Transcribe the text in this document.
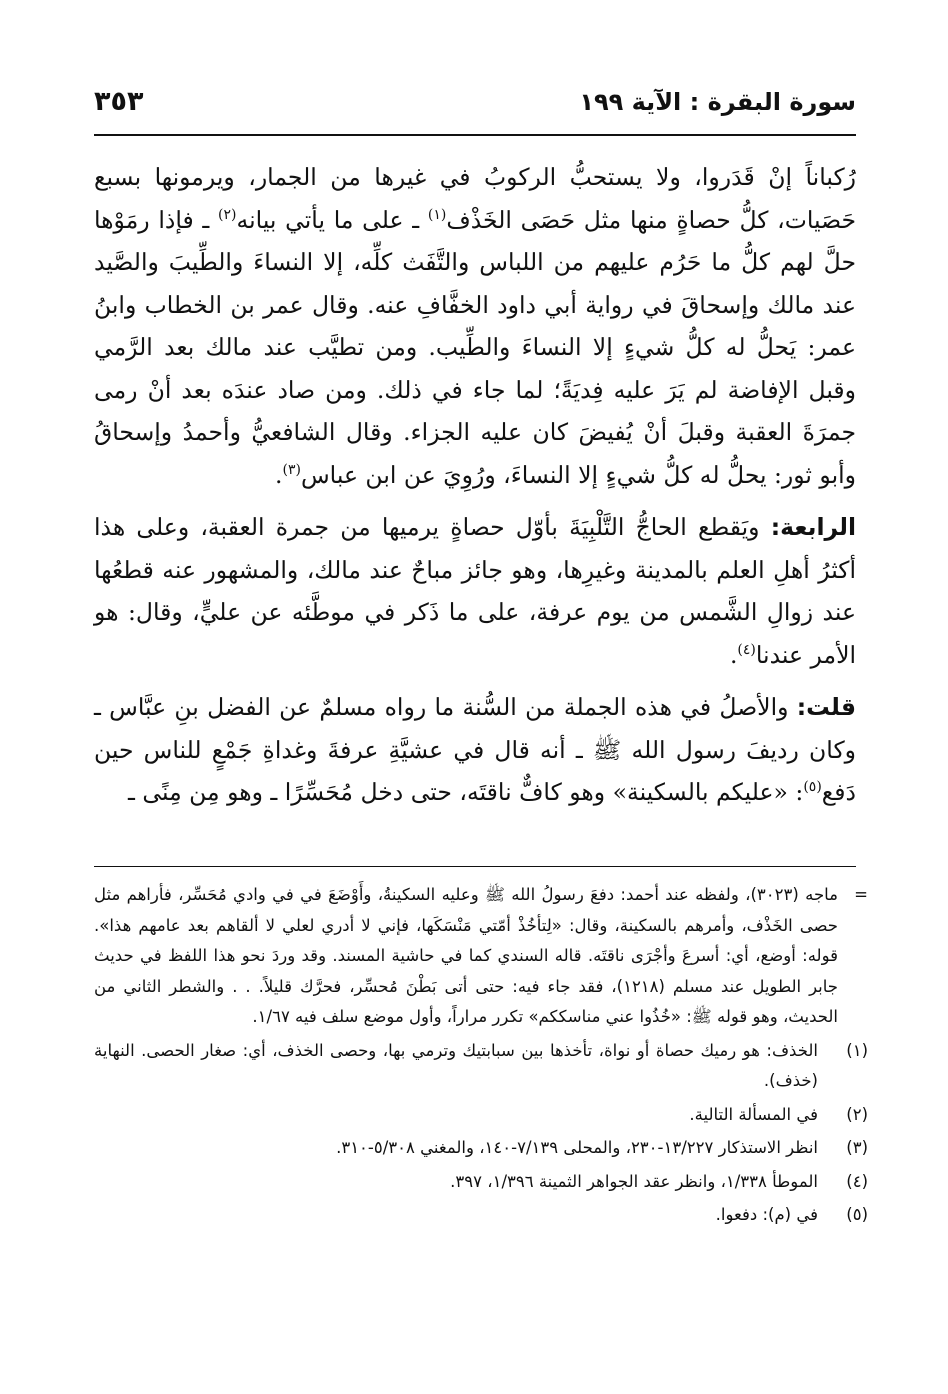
سورة البقرة : الآية ١٩٩
٣٥٣

رُكباناً إنْ قَدَروا، ولا يستحبُّ الركوبُ في غيرها من الجمار، ويرمونها بسبع حَصَيات، كلُّ حصاةٍ منها مثل حَصَى الخَذْف$^{(١)}$ ـ على ما يأتي بيانه$^{(٢)}$ ـ فإذا رمَوْها حلَّ لهم كلُّ ما حَرُم عليهم من اللباس والتَّفَث كلِّه، إلا النساءَ والطِّيبَ والصَّيد عند مالك وإسحاقَ في رواية أبي داود الخفَّافِ عنه. وقال عمر بن الخطاب وابنُ عمر: يَحلُّ له كلُّ شيءٍ إلا النساءَ والطِّيب. ومن تطيَّب عند مالك بعد الرَّمي وقبل الإفاضة لم يَرَ عليه فِديَةً؛ لما جاء في ذلك. ومن صاد عندَه بعد أنْ رمى جمرَةَ العقبة وقبلَ أنْ يُفيضَ كان عليه الجزاء. وقال الشافعيُّ وأحمدُ وإسحاقُ وأبو ثور: يحلُّ له كلُّ شيءٍ إلا النساءَ، ورُوِيَ عن ابن عباس$^{(٣)}$.

الرابعة: ويَقطع الحاجُّ التَّلْبِيَةَ بأوّل حصاةٍ يرميها من جمرة العقبة، وعلى هذا أكثرُ أهلِ العلم بالمدينة وغيرِها، وهو جائز مباحٌ عند مالك، والمشهور عنه قطعُها عند زوالِ الشَّمس من يوم عرفة، على ما ذَكر في موطَّئه عن عليٍّ، وقال: هو الأمر عندنا$^{(٤)}$.

قلت: والأصلُ في هذه الجملة من السُّنة ما رواه مسلمٌ عن الفضل بنِ عبَّاس ـ وكان رديفَ رسول الله ﷺ ـ أنه قال في عشيَّةِ عرفةَ وغداةِ جَمْعٍ للناس حين دَفع$^{(٥)}$: «عليكم بالسكينة» وهو كافٌّ ناقتَه، حتى دخل مُحَسِّرًا ـ وهو مِن مِنًى ـ

=
ماجه (٣٠٢٣)، ولفظه عند أحمد: دفعَ رسولُ الله ﷺ وعليه السكينةُ، وأَوْضَعَ في في وادي مُحَسِّر، فأراهم مثل حصى الخَذْف، وأمرهم بالسكينة، وقال: «لِتأخُذْ أمّتي مَنْسَكَها، فإني لا أدري لعلي لا ألقاهم بعد عامهم هذا». قوله: أوضع، أي: أسرعَ وأجْرَى ناقتَه. قاله السندي كما في حاشية المسند. وقد وردَ نحو هذا اللفظ في حديث جابر الطويل عند مسلم (١٢١٨)، فقد جاء فيه: حتى أتى بَطْنَ مُحسِّر، فحرَّك قليلاً. . . والشطر الثاني من الحديث، وهو قوله ﷺ: «خُذُوا عني مناسككم» تكرر مراراً، وأول موضع سلف فيه ١/٦٧.
(١)
الخذف: هو رميك حصاة أو نواة، تأخذها بين سبابتيك وترمي بها، وحصى الخذف، أي: صغار الحصى. النهاية (خذف).
(٢)
في المسألة التالية.
(٣)
انظر الاستذكار ١٣/٢٢٧-٢٣٠، والمحلى ٧/١٣٩-١٤٠، والمغني ٥/٣٠٨-٣١٠.
(٤)
الموطأ ١/٣٣٨، وانظر عقد الجواهر الثمينة ١/٣٩٦، ٣٩٧.
(٥)
في (م): دفعوا.
